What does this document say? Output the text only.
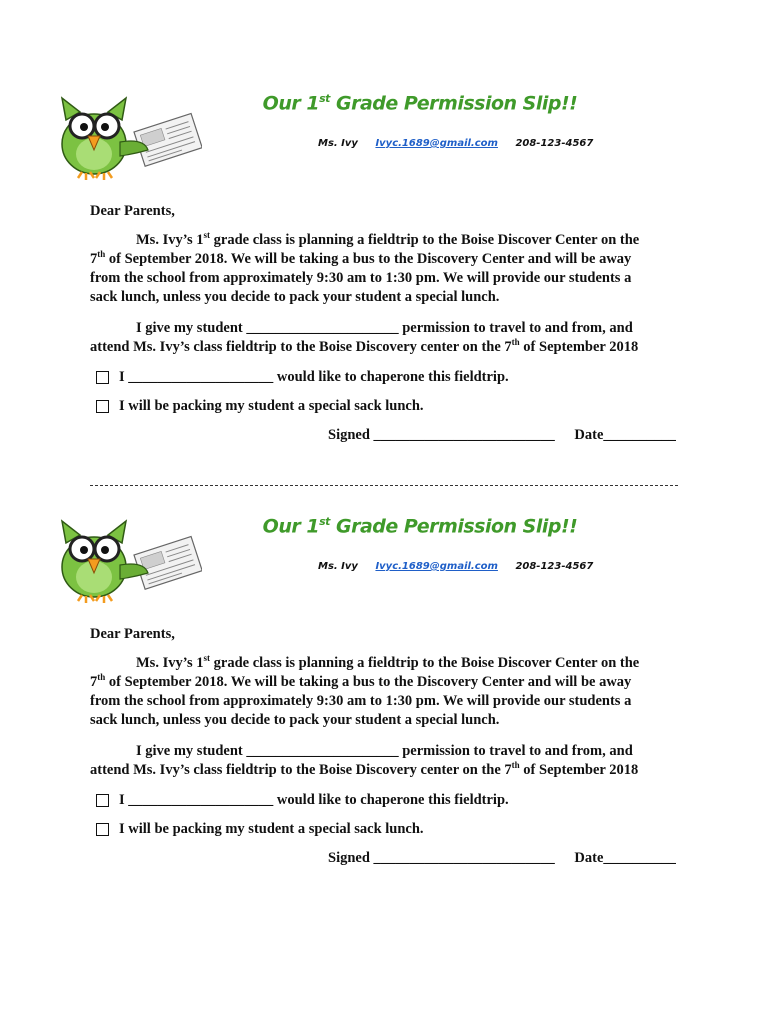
Our 1st Grade Permission Slip!!
Ms. Ivy Ivyc.1689@gmail.com 208-123-4567
Dear Parents,
Ms. Ivy’s 1st grade class is planning a fieldtrip to the Boise Discover Center on the
7th of September 2018. We will be taking a bus to the Discovery Center and will be away
from the school from approximately 9:30 am to 1:30 pm. We will provide our students a
sack lunch, unless you decide to pack your student a special lunch.
I give my student _____________________ permission to travel to and from, and
attend Ms. Ivy’s class fieldtrip to the Boise Discovery center on the 7th of September 2018
I ____________________ would like to chaperone this fieldtrip.
I will be packing my student a special sack lunch.
Signed _________________________ Date__________
Our 1st Grade Permission Slip!!
Ms. Ivy Ivyc.1689@gmail.com 208-123-4567
Dear Parents,
Ms. Ivy’s 1st grade class is planning a fieldtrip to the Boise Discover Center on the
7th of September 2018. We will be taking a bus to the Discovery Center and will be away
from the school from approximately 9:30 am to 1:30 pm. We will provide our students a
sack lunch, unless you decide to pack your student a special lunch.
I give my student _____________________ permission to travel to and from, and
attend Ms. Ivy’s class fieldtrip to the Boise Discovery center on the 7th of September 2018
I ____________________ would like to chaperone this fieldtrip.
I will be packing my student a special sack lunch.
Signed _________________________ Date__________
